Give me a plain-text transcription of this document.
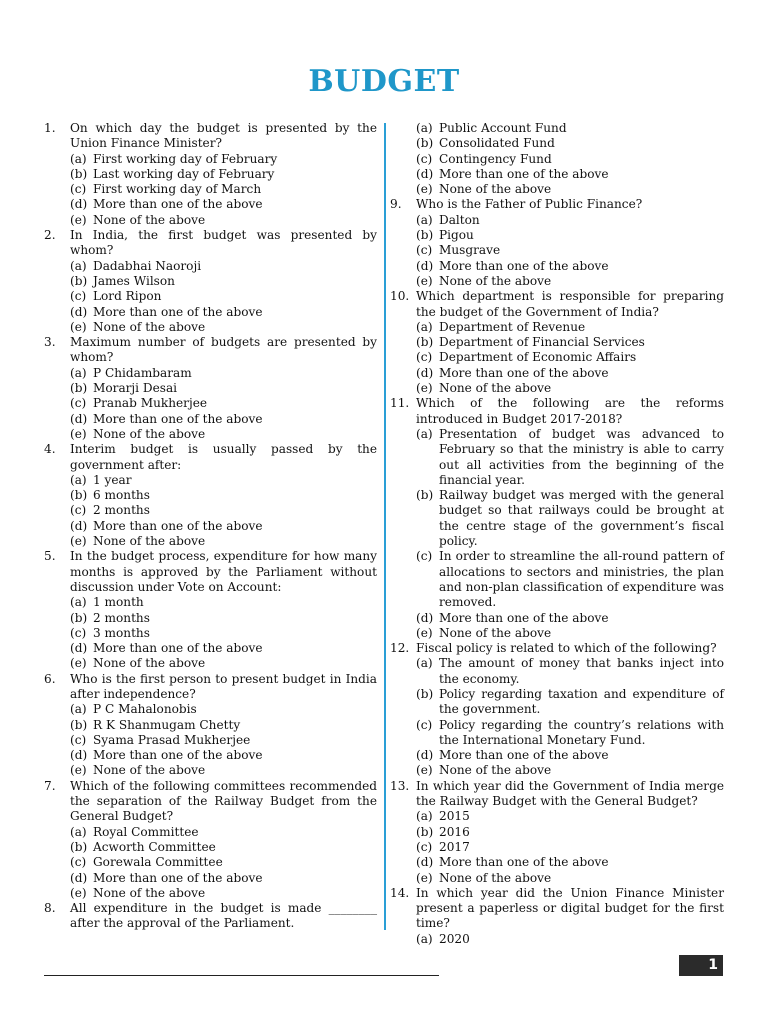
BUDGET
1.	On which day the budget is presented by the Union Finance Minister?
(a) First working day of February
(b) Last working day of February
(c) First working day of March
(d) More than one of the above
(e) None of the above
2.	In India, the first budget was presented by whom?
(a) Dadabhai Naoroji
(b) James Wilson
(c) Lord Ripon
(d) More than one of the above
(e) None of the above
3.	Maximum number of budgets are presented by whom?
(a) P Chidambaram
(b) Morarji Desai
(c) Pranab Mukherjee
(d) More than one of the above
(e) None of the above
4.	Interim budget is usually passed by the government after:
(a) 1 year
(b) 6 months
(c) 2 months
(d) More than one of the above
(e) None of the above
5.	In the budget process, expenditure for how many months is approved by the Parliament without discussion under Vote on Account:
(a) 1 month
(b) 2 months
(c) 3 months
(d) More than one of the above
(e) None of the above
6.	Who is the first person to present budget in India after independence?
(a) P C Mahalonobis
(b) R K Shanmugam Chetty
(c) Syama Prasad Mukherjee
(d) More than one of the above
(e) None of the above
7.	Which of the following committees recommended the separation of the Railway Budget from the General Budget?
(a) Royal Committee
(b) Acworth Committee
(c) Gorewala Committee
(d) More than one of the above
(e) None of the above
8.	All expenditure in the budget is made ________ after the approval of the Parliament.
(a) Public Account Fund
(b) Consolidated Fund
(c) Contingency Fund
(d) More than one of the above
(e) None of the above
9.	Who is the Father of Public Finance?
(a) Dalton
(b) Pigou
(c) Musgrave
(d) More than one of the above
(e) None of the above
10. Which department is responsible for preparing the budget of the Government of India?
(a) Department of Revenue
(b) Department of Financial Services
(c) Department of Economic Affairs
(d) More than one of the above
(e) None of the above
11. Which of the following are the reforms introduced in Budget 2017-2018?
(a) Presentation of budget was advanced to February so that the ministry is able to carry out all activities from the beginning of the financial year.
(b) Railway budget was merged with the general budget so that railways could be brought at the centre stage of the government’s fiscal policy.
(c) In order to streamline the all-round pattern of allocations to sectors and ministries, the plan and non-plan classification of expenditure was removed.
(d) More than one of the above
(e) None of the above
12. Fiscal policy is related to which of the following?
(a) The amount of money that banks inject into the economy.
(b) Policy regarding taxation and expenditure of the government.
(c) Policy regarding the country’s relations with the International Monetary Fund.
(d) More than one of the above
(e) None of the above
13. In which year did the Government of India merge the Railway Budget with the General Budget?
(a) 2015
(b) 2016
(c) 2017
(d) More than one of the above
(e) None of the above
14. In which year did the Union Finance Minister present a paperless or digital budget for the first time?
(a) 2020
1
